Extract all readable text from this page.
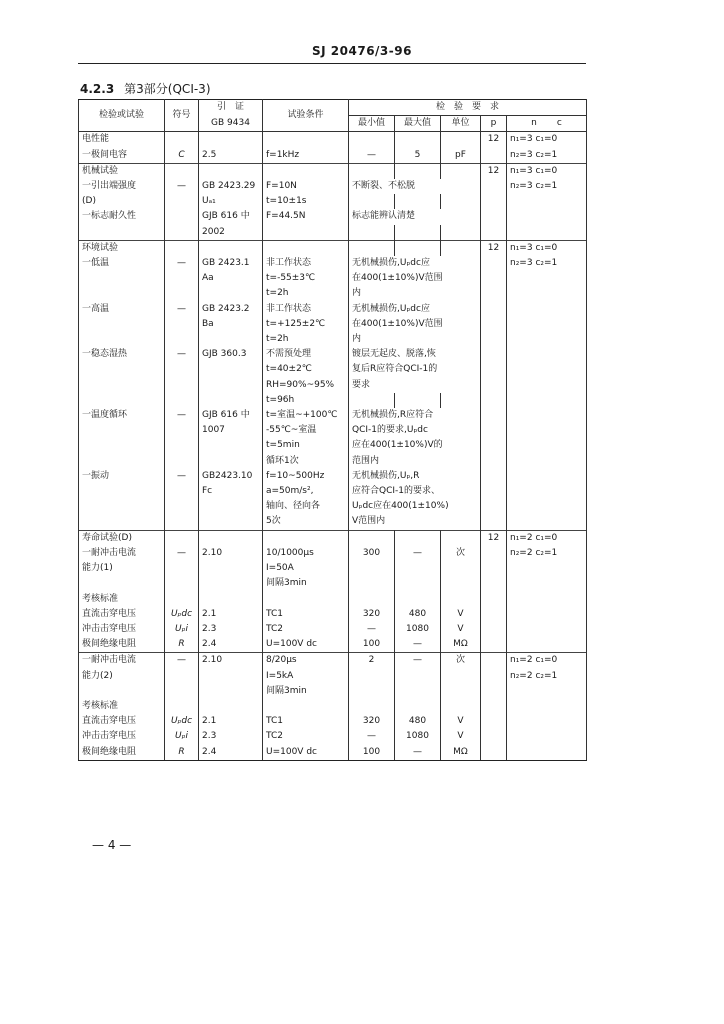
SJ 20476/3-96
4.2.3 第3部分(QCI-3)
检验或试验	符号	引　证	试验条件	检　验　要　求				
		GB 9434		最小值	最大值	单位	p	n c
电性能							12	n₁=3 c₁=0
一极间电容	C	2.5	f=1kHz	—	5	pF		n₂=3 c₂=1
机械试验							12	n₁=3 c₁=0
一引出端强度	—	GB 2423.29	F=10N	不断裂、不松脱				n₂=3 c₂=1
(D)		Uₐ₁	t=10±1s					
一标志耐久性		GJB 616 中	F=44.5N	标志能辨认清楚				
		2002						
环境试验							12	n₁=3 c₁=0
一低温	—	GB 2423.1	非工作状态	无机械损伤,Uₚdc应				n₂=3 c₂=1
		Aa	t=-55±3℃	在400(1±10%)V范围				
			t=2h	内				
一高温	—	GB 2423.2	非工作状态	无机械损伤,Uₚdc应				
		Ba	t=+125±2℃	在400(1±10%)V范围				
			t=2h	内				
一稳态湿热	—	GJB 360.3	不需预处理	镀层无起皮、脱落,恢				
			t=40±2℃	复后R应符合QCI-1的				
			RH=90%~95%	要求				
			t=96h					
一温度循环	—	GJB 616 中	t=室温~+100℃	无机械损伤,R应符合				
		1007	-55℃~室温	QCI-1的要求,Uₚdc				
			t=5min	应在400(1±10%)V的				
			循环1次	范围内				
一振动	—	GB2423.10	f=10~500Hz	无机械损伤,Uₚ,R				
		Fc	a=50m/s²,	应符合QCI-1的要求、				
			轴向、径向各	Uₚdc应在400(1±10%)				
			5次	V范围内				

寿命试验(D)							12	n₁=2 c₁=0
一耐冲击电流	—	2.10	10/1000μs	300	—	次		n₂=2 c₂=1
能力(1)			I=50A					
			间隔3min					
考核标准								
直流击穿电压	Uₚdc	2.1	TC1	320	480	V		
冲击击穿电压	Uₚi	2.3	TC2	—	1080	V		
极间绝缘电阻	R	2.4	U=100V dc	100	—	MΩ		
一耐冲击电流	—	2.10	8/20μs	2	—	次		n₁=2 c₁=0
能力(2)			I=5kA					n₂=2 c₂=1
			间隔3min					
考核标准								
直流击穿电压	Uₚdc	2.1	TC1	320	480	V		
冲击击穿电压	Uₚi	2.3	TC2	—	1080	V		
极间绝缘电阻	R	2.4	U=100V dc	100	—	MΩ		
— 4 —
